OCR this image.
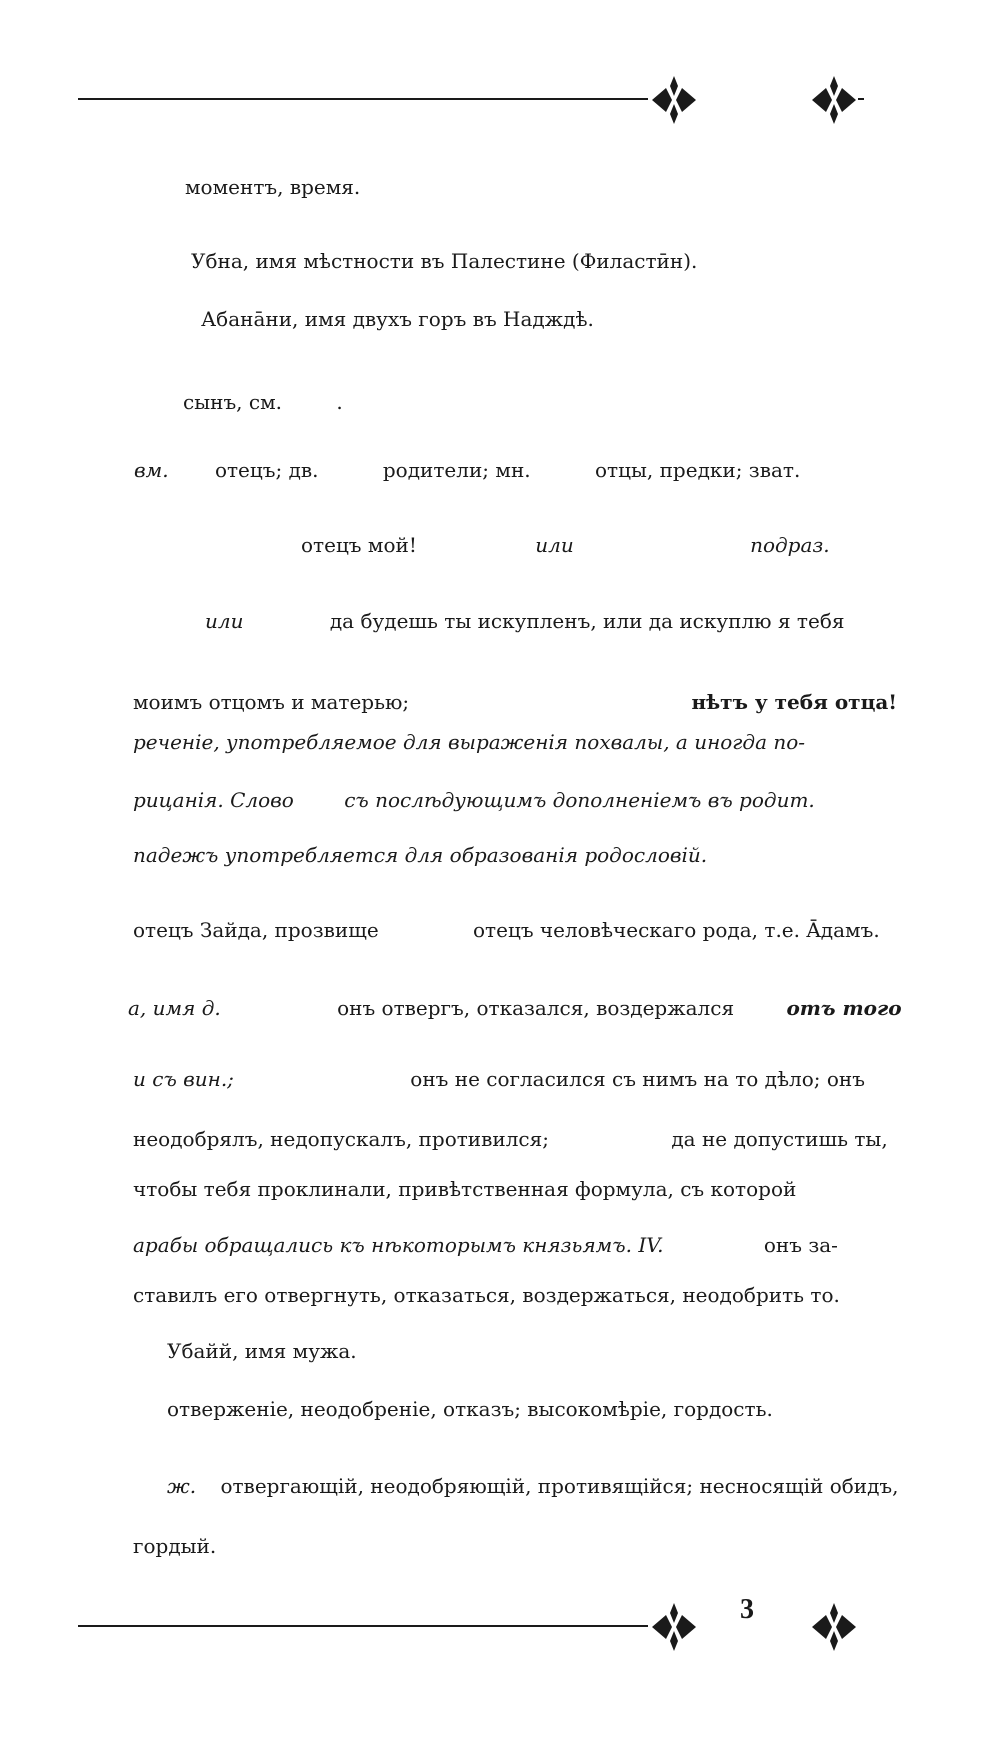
моментъ, время.
Убна, имя мѣстности въ Палестине (Филастӣн).
Абанāни, имя двухъ горъ въ Надждѣ.
сынъ, см.	.
вм. отецъ; дв.	родители; мн.	отцы, предки; зват.
отецъ мой!	или	подраз.
или	да будешь ты искупленъ, или да искуплю я тебя
моимъ отцомъ и матерью;	нѣтъ у тебя отца!
реченіе, употребляемое для выраженія похвалы, а иногда по-
рицанія. Слово	съ послѣдующимъ дополненіемъ въ родит.
падежъ употребляется для образованія родословій.
отецъ Зайда, прозвище	отецъ человѣческаго рода, т.е. Āдамъ.
а, имя д.	онъ отвергъ, отказался, воздержался	отъ того
и съ вин.;	онъ не согласился съ нимъ на то дѣло; онъ
неодобрялъ, недопускалъ, противился;	да не допустишь ты,
чтобы тебя проклинали, привѣтственная формула, съ которой
арабы обращались къ нѣкоторымъ князьямъ. IV.	онъ за-
ставилъ его отвергнуть, отказаться, воздержаться, неодобрить то.
Убайй, имя мужа.
отверженіе, неодобреніе, отказъ; высокомѣріе, гордость.
ж. отвергающій, неодобряющій, противящійся; несносящій обидъ,
гордый.
3
